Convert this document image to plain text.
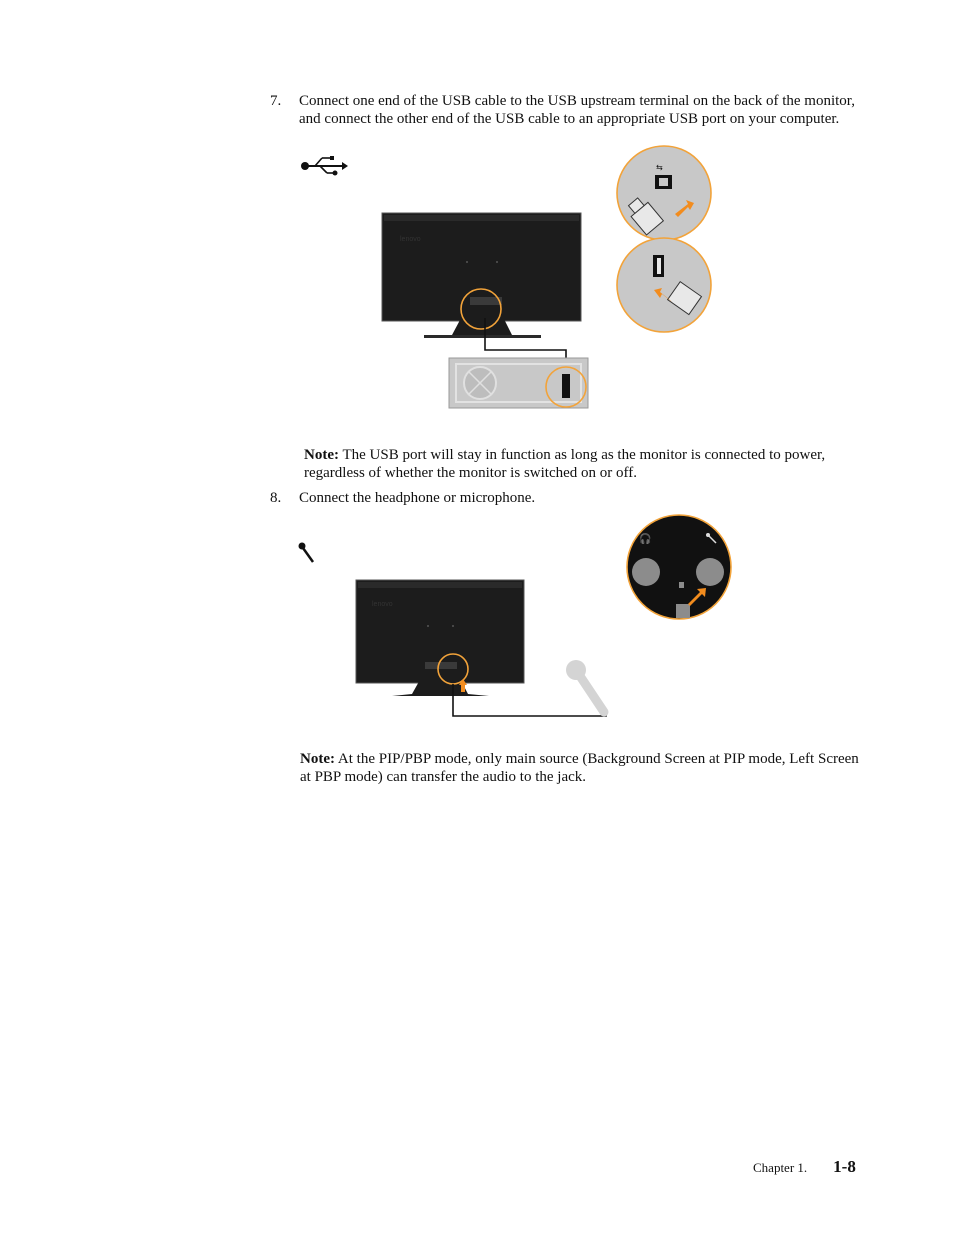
7. Connect one end of the USB cable to the USB upstream terminal on the back of the monitor, and connect the other end of the USB cable to an appropriate USB port on your computer.
lenovo
⇆
Note: The USB port will stay in function as long as the monitor is connected to power, regardless of whether the monitor is switched on or off.
8. Connect the headphone or microphone.
lenovo
🎧
Note: At the PIP/PBP mode, only main source (Background Screen at PIP mode, Left Screen at PBP mode) can transfer the audio to the jack.
Chapter 1. 1-8
